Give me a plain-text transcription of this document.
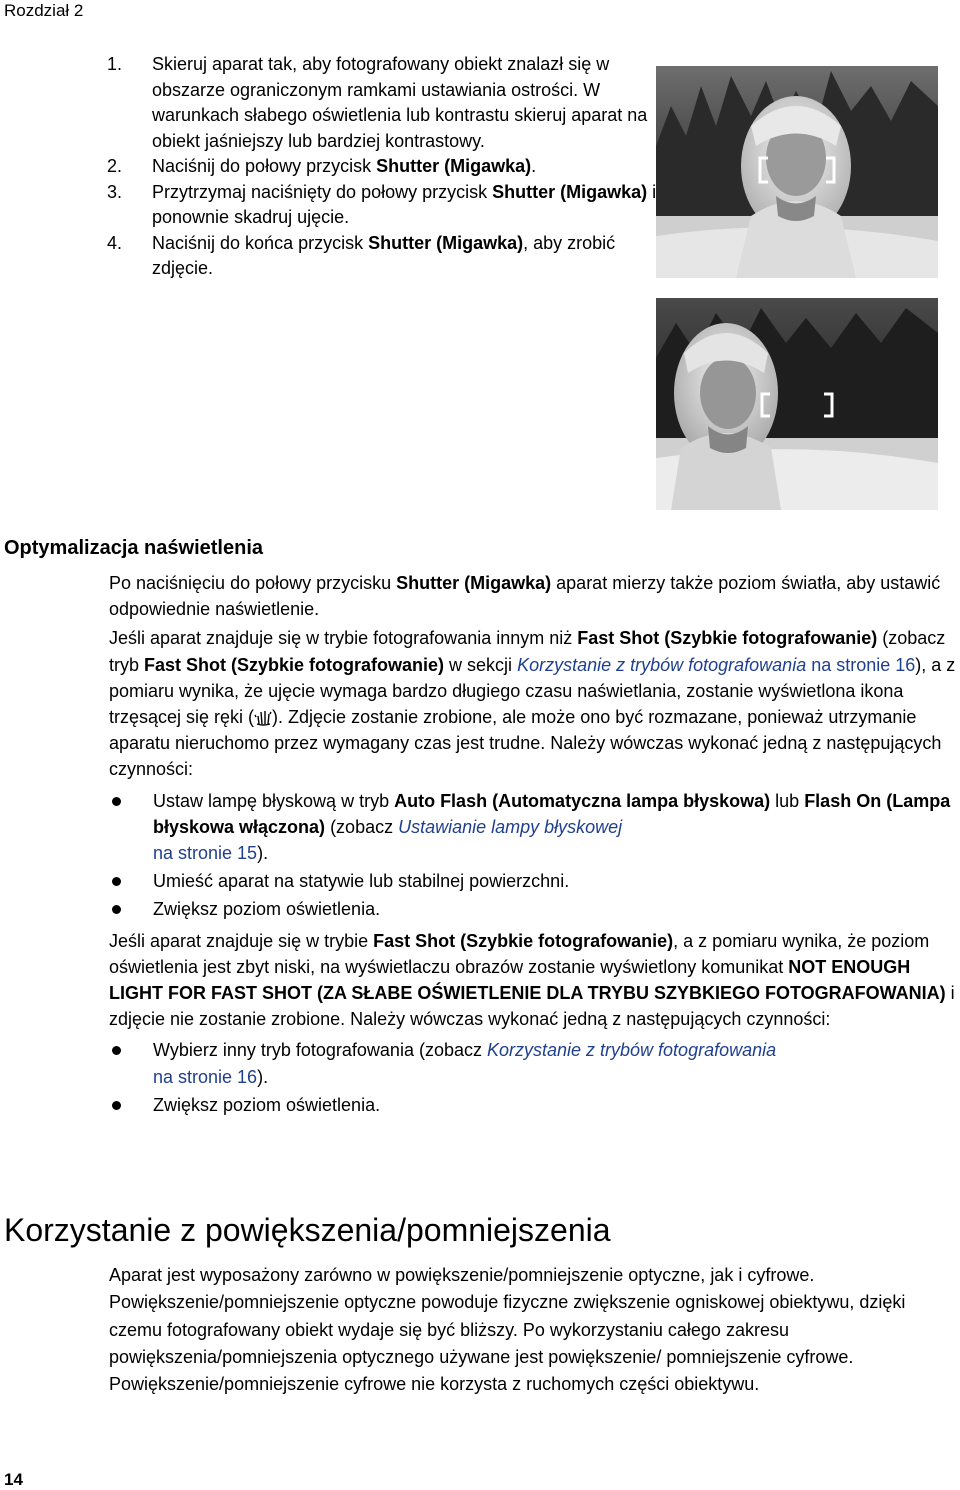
Rozdział 2
1. Skieruj aparat tak, aby fotografowany obiekt znalazł się w obszarze ograniczonym ramkami ustawiania ostrości. W warunkach słabego oświetlenia lub kontrastu skieruj aparat na obiekt jaśniejszy lub bardziej kontrastowy.
2. Naciśnij do połowy przycisk Shutter (Migawka).
3. Przytrzymaj naciśnięty do połowy przycisk Shutter (Migawka) i ponownie skadruj ujęcie.
4. Naciśnij do końca przycisk Shutter (Migawka), aby zrobić zdjęcie.
Optymalizacja naświetlenia

Po naciśnięciu do połowy przycisku Shutter (Migawka) aparat mierzy także poziom światła, aby ustawić odpowiednie naświetlenie.

Jeśli aparat znajduje się w trybie fotografowania innym niż Fast Shot (Szybkie fotografowanie) (zobacz tryb Fast Shot (Szybkie fotografowanie) w sekcji Korzystanie z trybów fotografowania na stronie 16), a z pomiaru wynika, że ujęcie wymaga bardzo długiego czasu naświetlania, zostanie wyświetlona ikona trzęsącej się ręki ( ). Zdjęcie zostanie zrobione, ale może ono być rozmazane, ponieważ utrzymanie aparatu nieruchomo przez wymagany czas jest trudne. Należy wówczas wykonać jedną z następujących czynności:

Ustaw lampę błyskową w tryb Auto Flash (Automatyczna lampa błyskowa) lub Flash On (Lampa błyskowa włączona) (zobacz Ustawianie lampy błyskowej
na stronie 15).
Umieść aparat na statywie lub stabilnej powierzchni.
Zwiększ poziom oświetlenia.

Jeśli aparat znajduje się w trybie Fast Shot (Szybkie fotografowanie), a z pomiaru wynika, że poziom oświetlenia jest zbyt niski, na wyświetlaczu obrazów zostanie wyświetlony komunikat NOT ENOUGH LIGHT FOR FAST SHOT (ZA SŁABE OŚWIETLENIE DLA TRYBU SZYBKIEGO FOTOGRAFOWANIA) i zdjęcie nie zostanie zrobione. Należy wówczas wykonać jedną z następujących czynności:

Wybierz inny tryb fotografowania (zobacz Korzystanie z trybów fotografowania
na stronie 16).
Zwiększ poziom oświetlenia.
Korzystanie z powiększenia/pomniejszenia

Aparat jest wyposażony zarówno w powiększenie/pomniejszenie optyczne, jak i cyfrowe. Powiększenie/pomniejszenie optyczne powoduje fizyczne zwiększenie ogniskowej obiektywu, dzięki czemu fotografowany obiekt wydaje się być bliższy. Po wykorzystaniu całego zakresu powiększenia/pomniejszenia optycznego używane jest powiększenie/ pomniejszenie cyfrowe. Powiększenie/pomniejszenie cyfrowe nie korzysta z ruchomych części obiektywu.

14
